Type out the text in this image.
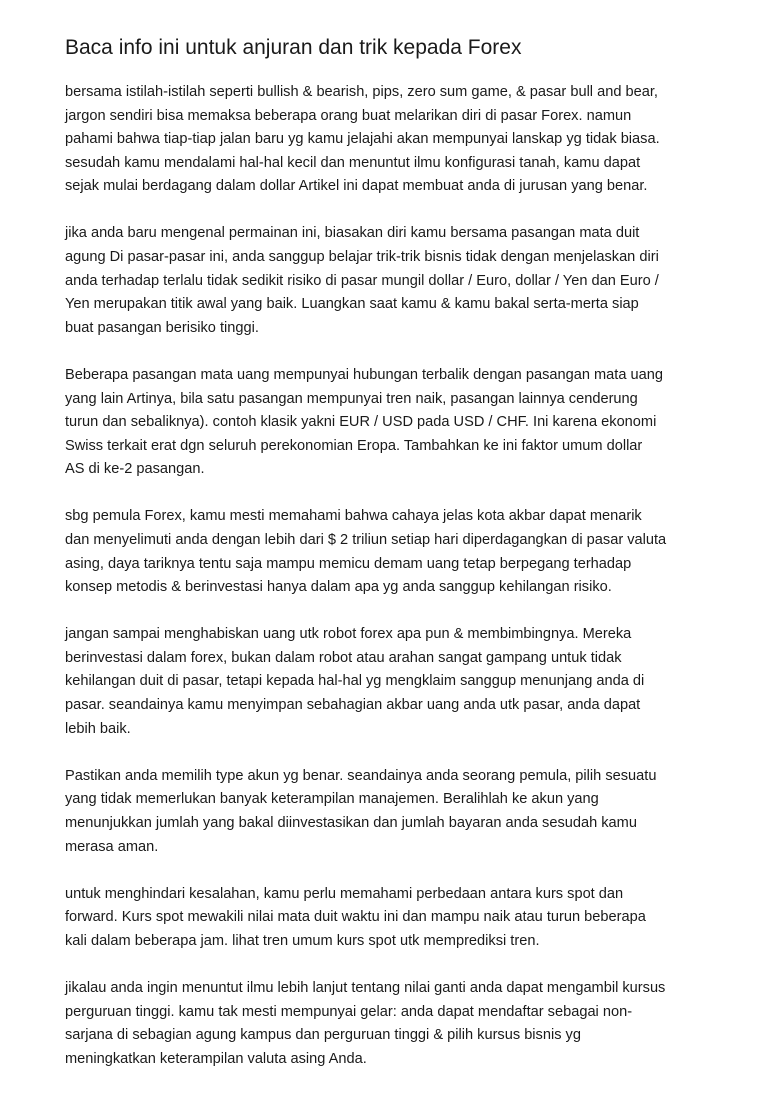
Baca info ini untuk anjuran dan trik kepada Forex

bersama istilah-istilah seperti bullish & bearish, pips, zero sum game, & pasar bull and bear,
jargon sendiri bisa memaksa beberapa orang buat melarikan diri di pasar Forex. namun
pahami bahwa tiap-tiap jalan baru yg kamu jelajahi akan mempunyai lanskap yg tidak biasa.
sesudah kamu mendalami hal-hal kecil dan menuntut ilmu konfigurasi tanah, kamu dapat
sejak mulai berdagang dalam dollar Artikel ini dapat membuat anda di jurusan yang benar.

jika anda baru mengenal permainan ini, biasakan diri kamu bersama pasangan mata duit
agung Di pasar-pasar ini, anda sanggup belajar trik-trik bisnis tidak dengan menjelaskan diri
anda terhadap terlalu tidak sedikit risiko di pasar mungil dollar / Euro, dollar / Yen dan Euro /
Yen merupakan titik awal yang baik. Luangkan saat kamu & kamu bakal serta-merta siap
buat pasangan berisiko tinggi.

Beberapa pasangan mata uang mempunyai hubungan terbalik dengan pasangan mata uang
yang lain Artinya, bila satu pasangan mempunyai tren naik, pasangan lainnya cenderung
turun dan sebaliknya). contoh klasik yakni EUR / USD pada USD / CHF. Ini karena ekonomi
Swiss terkait erat dgn seluruh perekonomian Eropa. Tambahkan ke ini faktor umum dollar
AS di ke-2 pasangan.

sbg pemula Forex, kamu mesti memahami bahwa cahaya jelas kota akbar dapat menarik
dan menyelimuti anda dengan lebih dari $ 2 triliun setiap hari diperdagangkan di pasar valuta
asing, daya tariknya tentu saja mampu memicu demam uang tetap berpegang terhadap
konsep metodis & berinvestasi hanya dalam apa yg anda sanggup kehilangan risiko.

jangan sampai menghabiskan uang utk robot forex apa pun & membimbingnya. Mereka
berinvestasi dalam forex, bukan dalam robot atau arahan sangat gampang untuk tidak
kehilangan duit di pasar, tetapi kepada hal-hal yg mengklaim sanggup menunjang anda di
pasar. seandainya kamu menyimpan sebahagian akbar uang anda utk pasar, anda dapat
lebih baik.

Pastikan anda memilih type akun yg benar. seandainya anda seorang pemula, pilih sesuatu
yang tidak memerlukan banyak keterampilan manajemen. Beralihlah ke akun yang
menunjukkan jumlah yang bakal diinvestasikan dan jumlah bayaran anda sesudah kamu
merasa aman.

untuk menghindari kesalahan, kamu perlu memahami perbedaan antara kurs spot dan
forward. Kurs spot mewakili nilai mata duit waktu ini dan mampu naik atau turun beberapa
kali dalam beberapa jam. lihat tren umum kurs spot utk memprediksi tren.

jikalau anda ingin menuntut ilmu lebih lanjut tentang nilai ganti anda dapat mengambil kursus
perguruan tinggi. kamu tak mesti mempunyai gelar: anda dapat mendaftar sebagai non-
sarjana di sebagian agung kampus dan perguruan tinggi & pilih kursus bisnis yg
meningkatkan keterampilan valuta asing Anda.
